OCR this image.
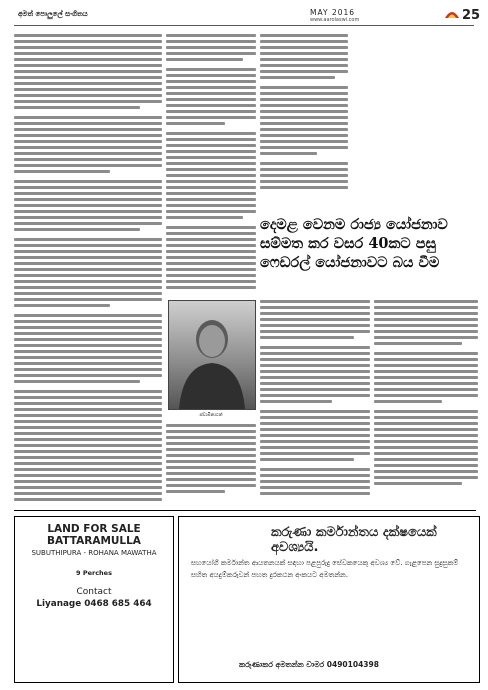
අමත් පොලුලේ සංගිතය	MAY 2016
www.aarolaswi.com	25
දෙමළ වෙනම රාජ්‍ය යෝජනාව සම්මත කර වසර 40කට පසු ෆෙඩරල් යෝජනාවට බය වීම
ස්වාමිනාථන්
LAND FOR SALE
BATTARAMULLA
SUBUTHIPURA - ROHANA MAWATHA
9 Perches
Contact
Liyanage 0468 685 464
කරුණා කර්මාන්තය දක්ෂයෙක් අවශ්‍යයි.
සහයෝගී කර්මාන්ත ආයතනයක් සඳහා පළපුරුදු සේවකයෙකු අවශ්‍ය වේ. ගැළපෙන සුදුසුකම් සහිත අයදුම්කරුවන් පහත දුරකථන අංකයට අමතන්න.
කරුණාකර අමතන්න චාමර 0490104398
